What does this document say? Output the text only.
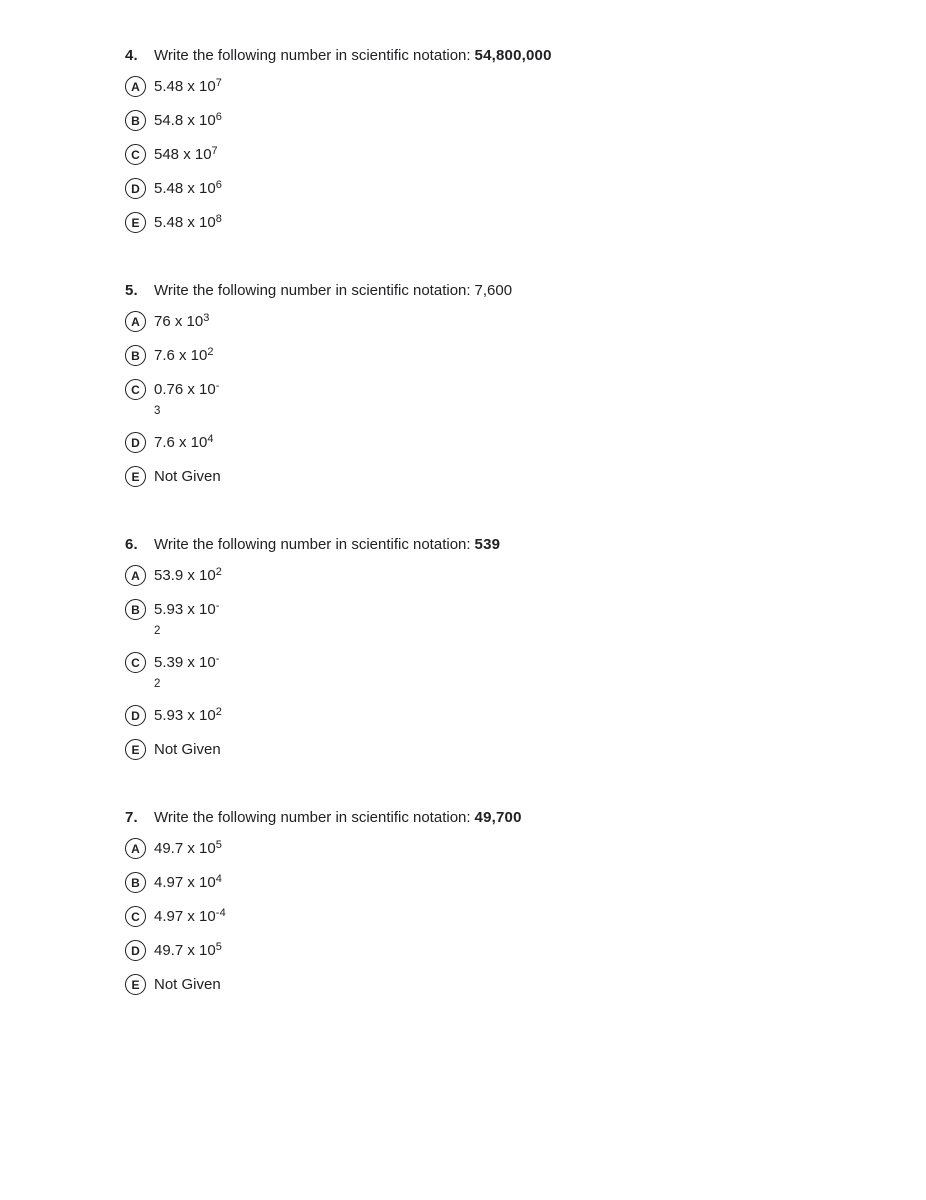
4.	Write the following number in scientific notation: 54,800,000

A 5.48 x $10^7$
B 54.8 x $10^6$
C 548 x $10^7$
D 5.48 x $10^6$
E 5.48 x $10^8$
5.	Write the following number in scientific notation: 7,600

A 76 x $10^3$
B 7.6 x $10^2$
C 0.76 x 10-
3
D 7.6 x $10^4$
E Not Given
6.	Write the following number in scientific notation: 539

A 53.9 x $10^2$
B 5.93 x 10-
2
C 5.39 x 10-
2
D 5.93 x $10^2$
E Not Given
7.	Write the following number in scientific notation: 49,700

A 49.7 x $10^5$
B 4.97 x $10^4$
C 4.97 x $10^{-4}$
D 49.7 x $10^5$
E Not Given
